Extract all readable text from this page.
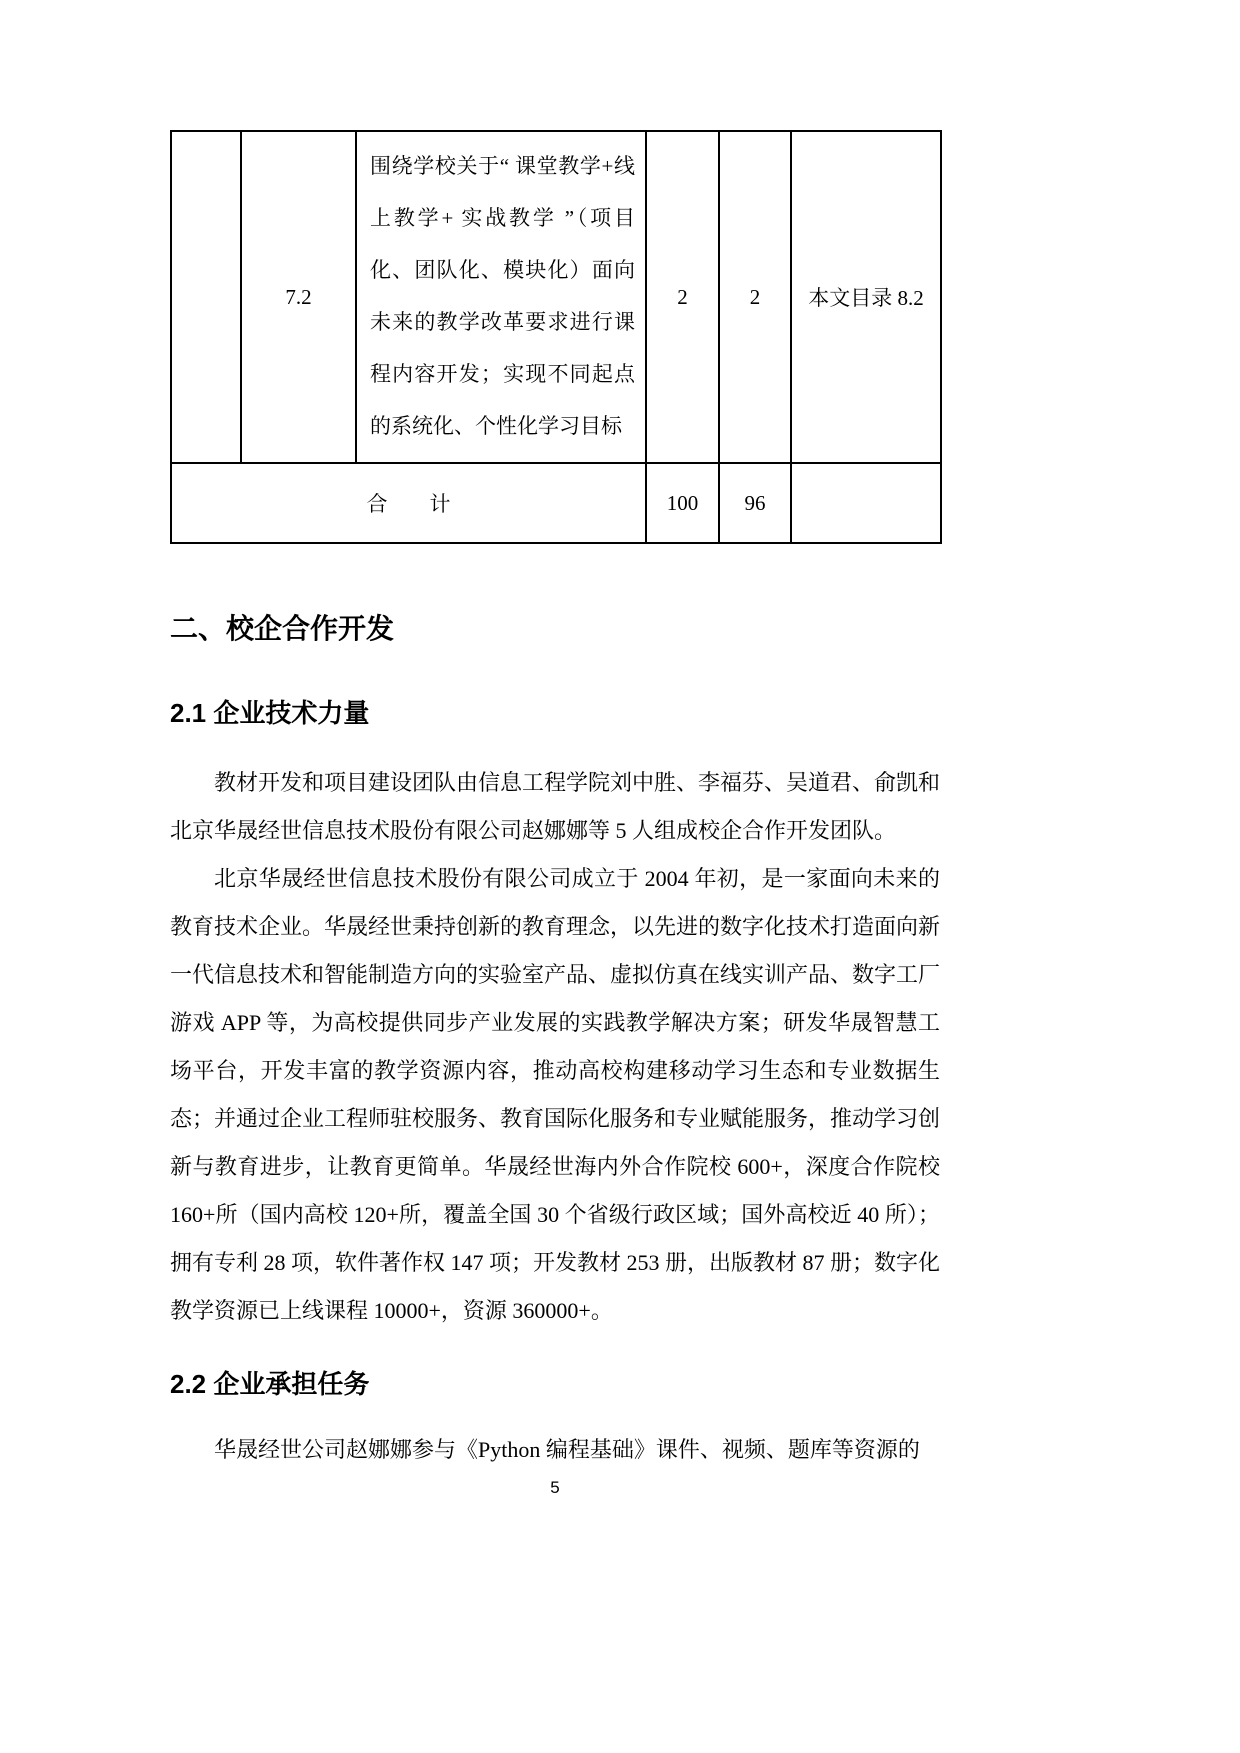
	7.2	围绕学校关于“ 课堂教学+线上教学+ 实战教学 ”（项目化、团队化、模块化）面向未来的教学改革要求进行课程内容开发；实现不同起点的系统化、个性化学习目标	2	2	本文目录 8.2
合　　计			100	96	
二、校企合作开发
2.1 企业技术力量

教材开发和项目建设团队由信息工程学院刘中胜、李福芬、吴道君、俞凯和北京华晟经世信息技术股份有限公司赵娜娜等 5 人组成校企合作开发团队。

北京华晟经世信息技术股份有限公司成立于 2004 年初，是一家面向未来的教育技术企业。华晟经世秉持创新的教育理念，以先进的数字化技术打造面向新一代信息技术和智能制造方向的实验室产品、虚拟仿真在线实训产品、数字工厂游戏 APP 等，为高校提供同步产业发展的实践教学解决方案；研发华晟智慧工场平台，开发丰富的教学资源内容，推动高校构建移动学习生态和专业数据生态；并通过企业工程师驻校服务、教育国际化服务和专业赋能服务，推动学习创新与教育进步，让教育更简单。华晟经世海内外合作院校 600+，深度合作院校 160+所（国内高校 120+所，覆盖全国 30 个省级行政区域；国外高校近 40 所）；拥有专利 28 项，软件著作权 147 项；开发教材 253 册，出版教材 87 册；数字化教学资源已上线课程 10000+，资源 360000+。

2.2 企业承担任务

华晟经世公司赵娜娜参与《Python 编程基础》课件、视频、题库等资源的

5
